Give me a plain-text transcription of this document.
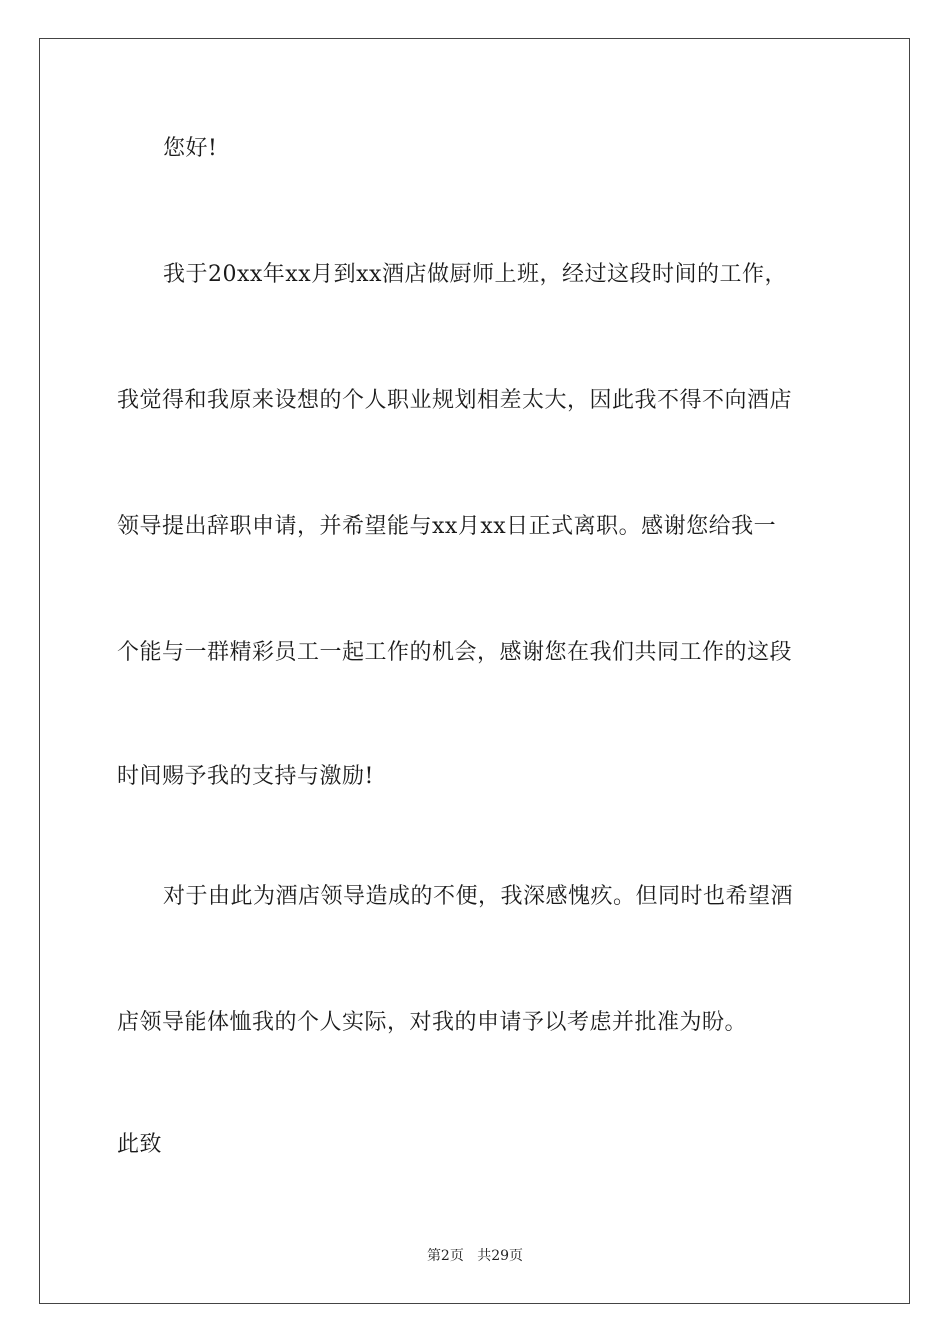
您好!
我于20xx年xx月到xx酒店做厨师上班，经过这段时间的工作，
我觉得和我原来设想的个人职业规划相差太大，因此我不得不向酒店
领导提出辞职申请，并希望能与xx月xx日正式离职。感谢您给我一
个能与一群精彩员工一起工作的机会，感谢您在我们共同工作的这段
时间赐予我的支持与激励!
对于由此为酒店领导造成的不便，我深感愧疚。但同时也希望酒
店领导能体恤我的个人实际，对我的申请予以考虑并批准为盼。
此致
第2页 共29页
